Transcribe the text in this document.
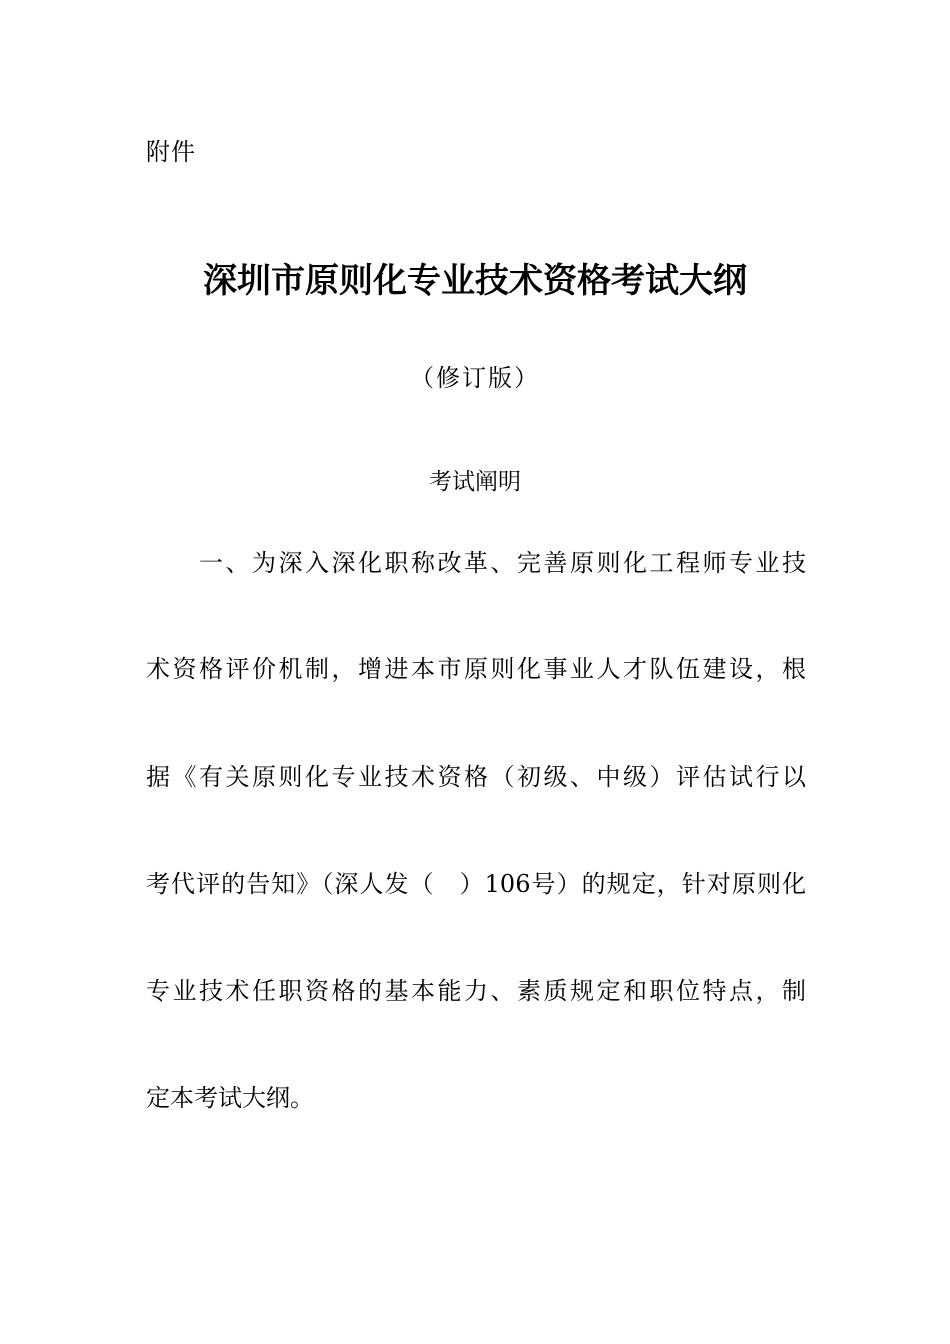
附件
深圳市原则化专业技术资格考试大纲
（修订版）
考试阐明
　　一、为深入深化职称改革、完善原则化工程师专业技
术资格评价机制，增进本市原则化事业人才队伍建设，根
据《有关原则化专业技术资格（初级、中级）评估试行以
考代评的告知》（深人发（　）106号）的规定，针对原则化
专业技术任职资格的基本能力、素质规定和职位特点，制
定本考试大纲。
